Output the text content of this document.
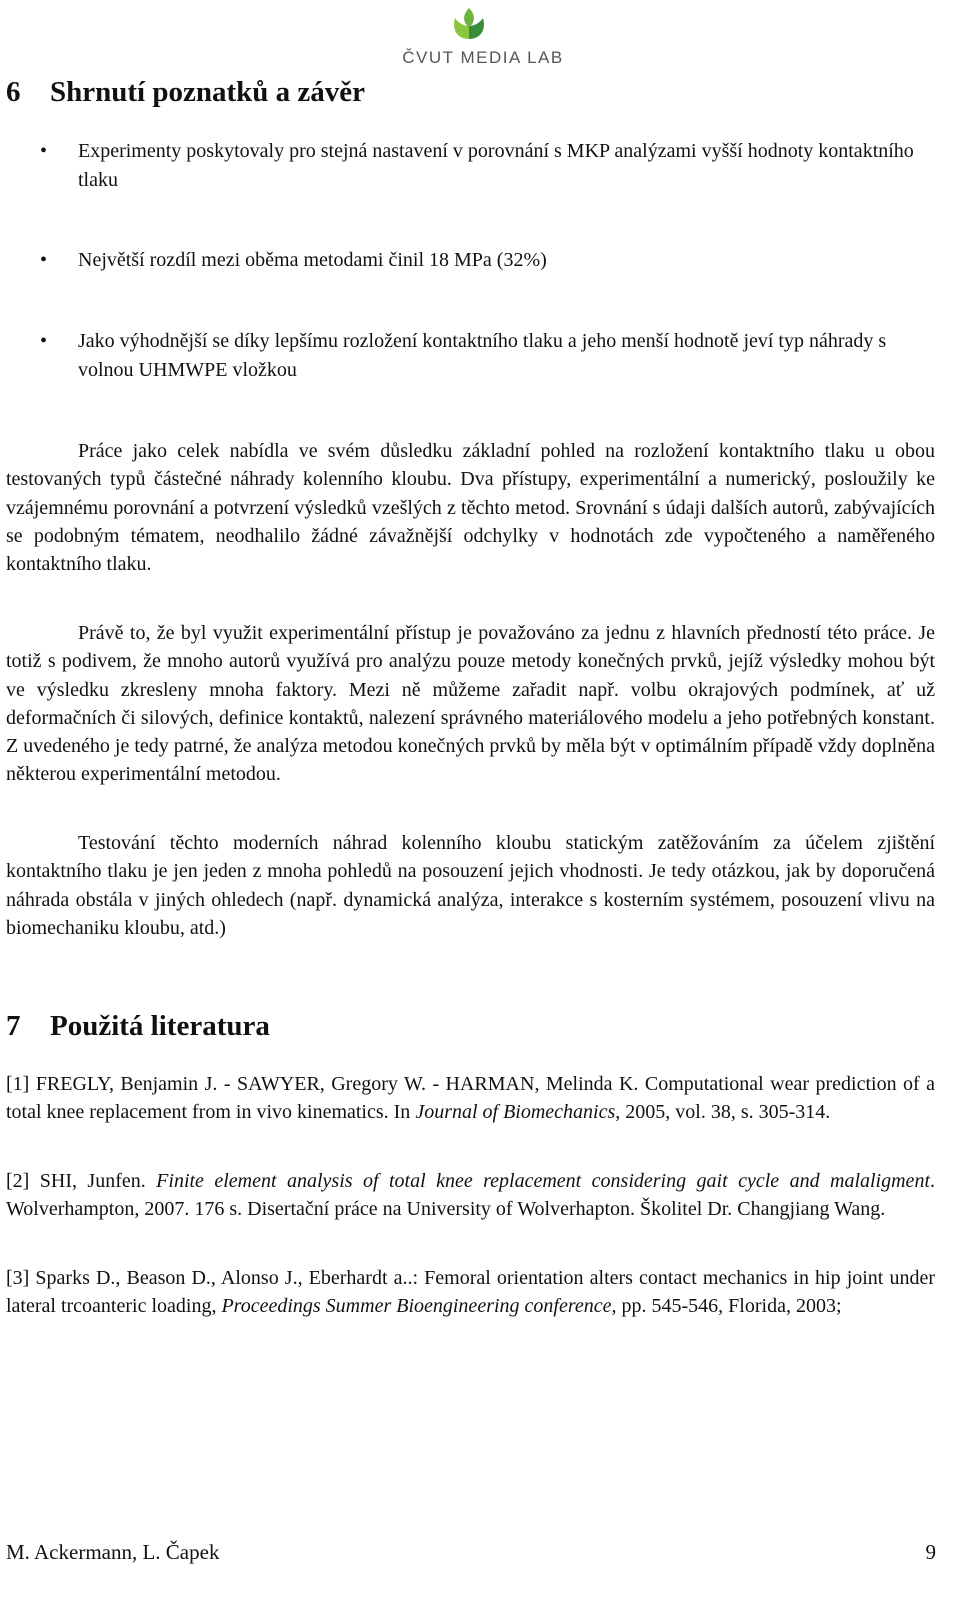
ČVUT MEDIA LAB
6 Shrnutí poznatků a závěr
• Experimenty poskytovaly pro stejná nastavení v porovnání s MKP analýzami vyšší hodnoty kontaktního tlaku
• Největší rozdíl mezi oběma metodami činil 18 MPa (32%)
• Jako výhodnější se díky lepšímu rozložení kontaktního tlaku a jeho menší hodnotě jeví typ náhrady s volnou UHMWPE vložkou

Práce jako celek nabídla ve svém důsledku základní pohled na rozložení kontaktního tlaku u obou testovaných typů částečné náhrady kolenního kloubu. Dva přístupy, experimentální a numerický, posloužily ke vzájemnému porovnání a potvrzení výsledků vzešlých z těchto metod. Srovnání s údaji dalších autorů, zabývajících se podobným tématem, neodhalilo žádné závažnější odchylky v hodnotách zde vypočteného a naměřeného kontaktního tlaku.

Právě to, že byl využit experimentální přístup je považováno za jednu z hlavních předností této práce. Je totiž s podivem, že mnoho autorů využívá pro analýzu pouze metody konečných prvků, jejíž výsledky mohou být ve výsledku zkresleny mnoha faktory. Mezi ně můžeme zařadit např. volbu okrajových podmínek, ať už deformačních či silových, definice kontaktů, nalezení správného materiálového modelu a jeho potřebných konstant. Z uvedeného je tedy patrné, že analýza metodou konečných prvků by měla být v optimálním případě vždy doplněna některou experimentální metodou.

Testování těchto moderních náhrad kolenního kloubu statickým zatěžováním za účelem zjištění kontaktního tlaku je jen jeden z mnoha pohledů na posouzení jejich vhodnosti. Je tedy otázkou, jak by doporučená náhrada obstála v jiných ohledech (např. dynamická analýza, interakce s kosterním systémem, posouzení vlivu na biomechaniku kloubu, atd.)

7 Použitá literatura

[1] FREGLY, Benjamin J. - SAWYER, Gregory W. - HARMAN, Melinda K. Computational wear prediction of a total knee replacement from in vivo kinematics. In Journal of Biomechanics, 2005, vol. 38, s. 305-314.

[2] SHI, Junfen. Finite element analysis of total knee replacement considering gait cycle and malaligment. Wolverhampton, 2007. 176 s. Disertační práce na University of Wolverhapton. Školitel Dr. Changjiang Wang.

[3] Sparks D., Beason D., Alonso J., Eberhardt a..: Femoral orientation alters contact mechanics in hip joint under lateral trcoanteric loading, Proceedings Summer Bioengineering conference, pp. 545-546, Florida, 2003;

M. Ackermann, L. Čapek	9
